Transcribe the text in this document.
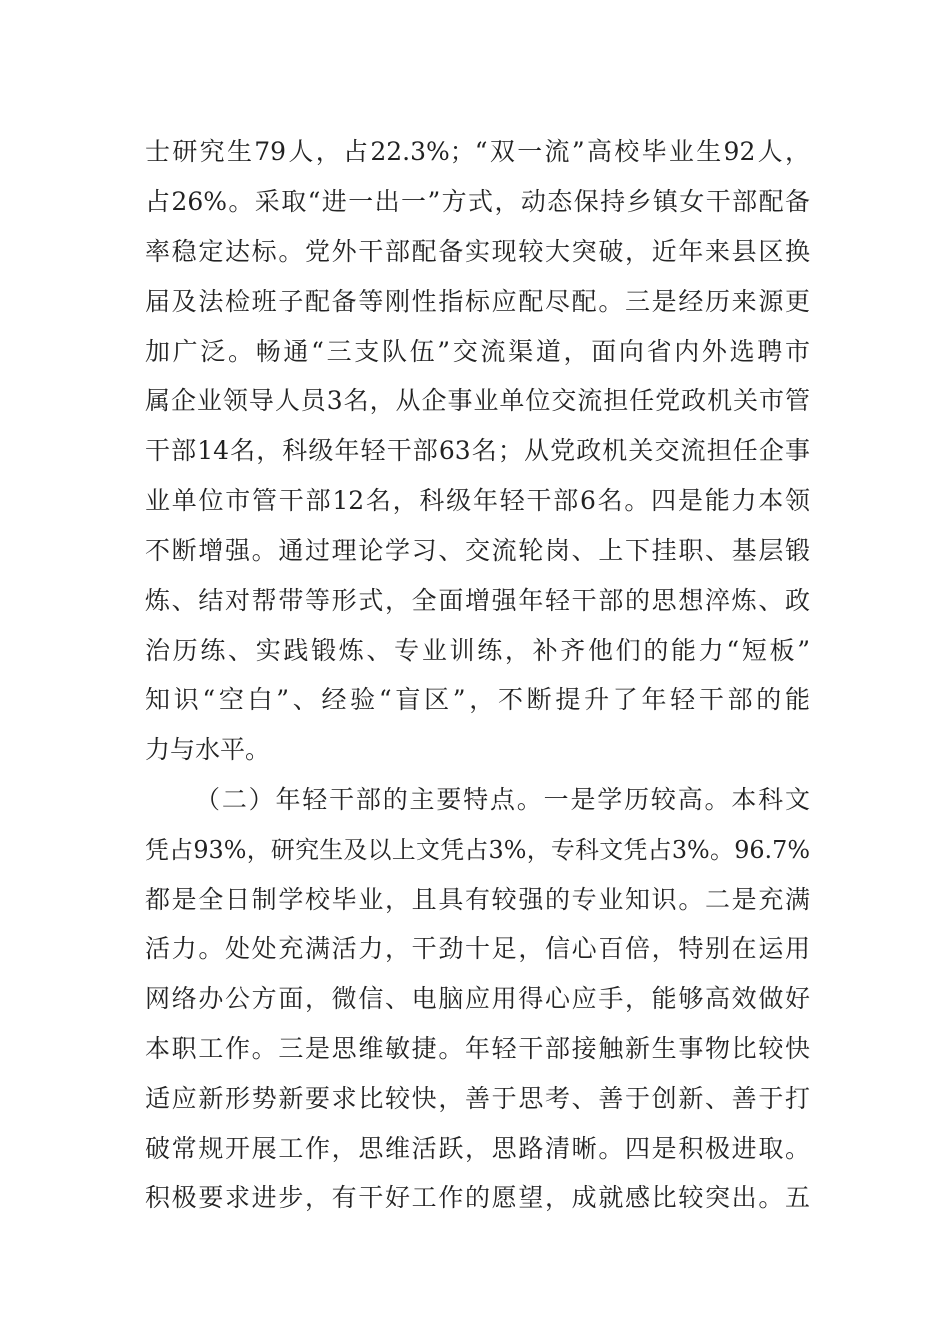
士研究生79人，占22.3%；“双一流”高校毕业生92人，
占26%。采取“进一出一”方式，动态保持乡镇女干部配备
率稳定达标。党外干部配备实现较大突破，近年来县区换
届及法检班子配备等刚性指标应配尽配。三是经历来源更
加广泛。畅通“三支队伍”交流渠道，面向省内外选聘市
属企业领导人员3名，从企事业单位交流担任党政机关市管
干部14名，科级年轻干部63名；从党政机关交流担任企事
业单位市管干部12名，科级年轻干部6名。四是能力本领
不断增强。通过理论学习、交流轮岗、上下挂职、基层锻
炼、结对帮带等形式，全面增强年轻干部的思想淬炼、政
治历练、实践锻炼、专业训练，补齐他们的能力“短板”
知识“空白”、经验“盲区”，不断提升了年轻干部的能
力与水平。
（二）年轻干部的主要特点。一是学历较高。本科文
凭占93%，研究生及以上文凭占3%，专科文凭占3%。96.7%
都是全日制学校毕业，且具有较强的专业知识。二是充满
活力。处处充满活力，干劲十足，信心百倍，特别在运用
网络办公方面，微信、电脑应用得心应手，能够高效做好
本职工作。三是思维敏捷。年轻干部接触新生事物比较快
适应新形势新要求比较快，善于思考、善于创新、善于打
破常规开展工作，思维活跃，思路清晰。四是积极进取。
积极要求进步，有干好工作的愿望，成就感比较突出。五
